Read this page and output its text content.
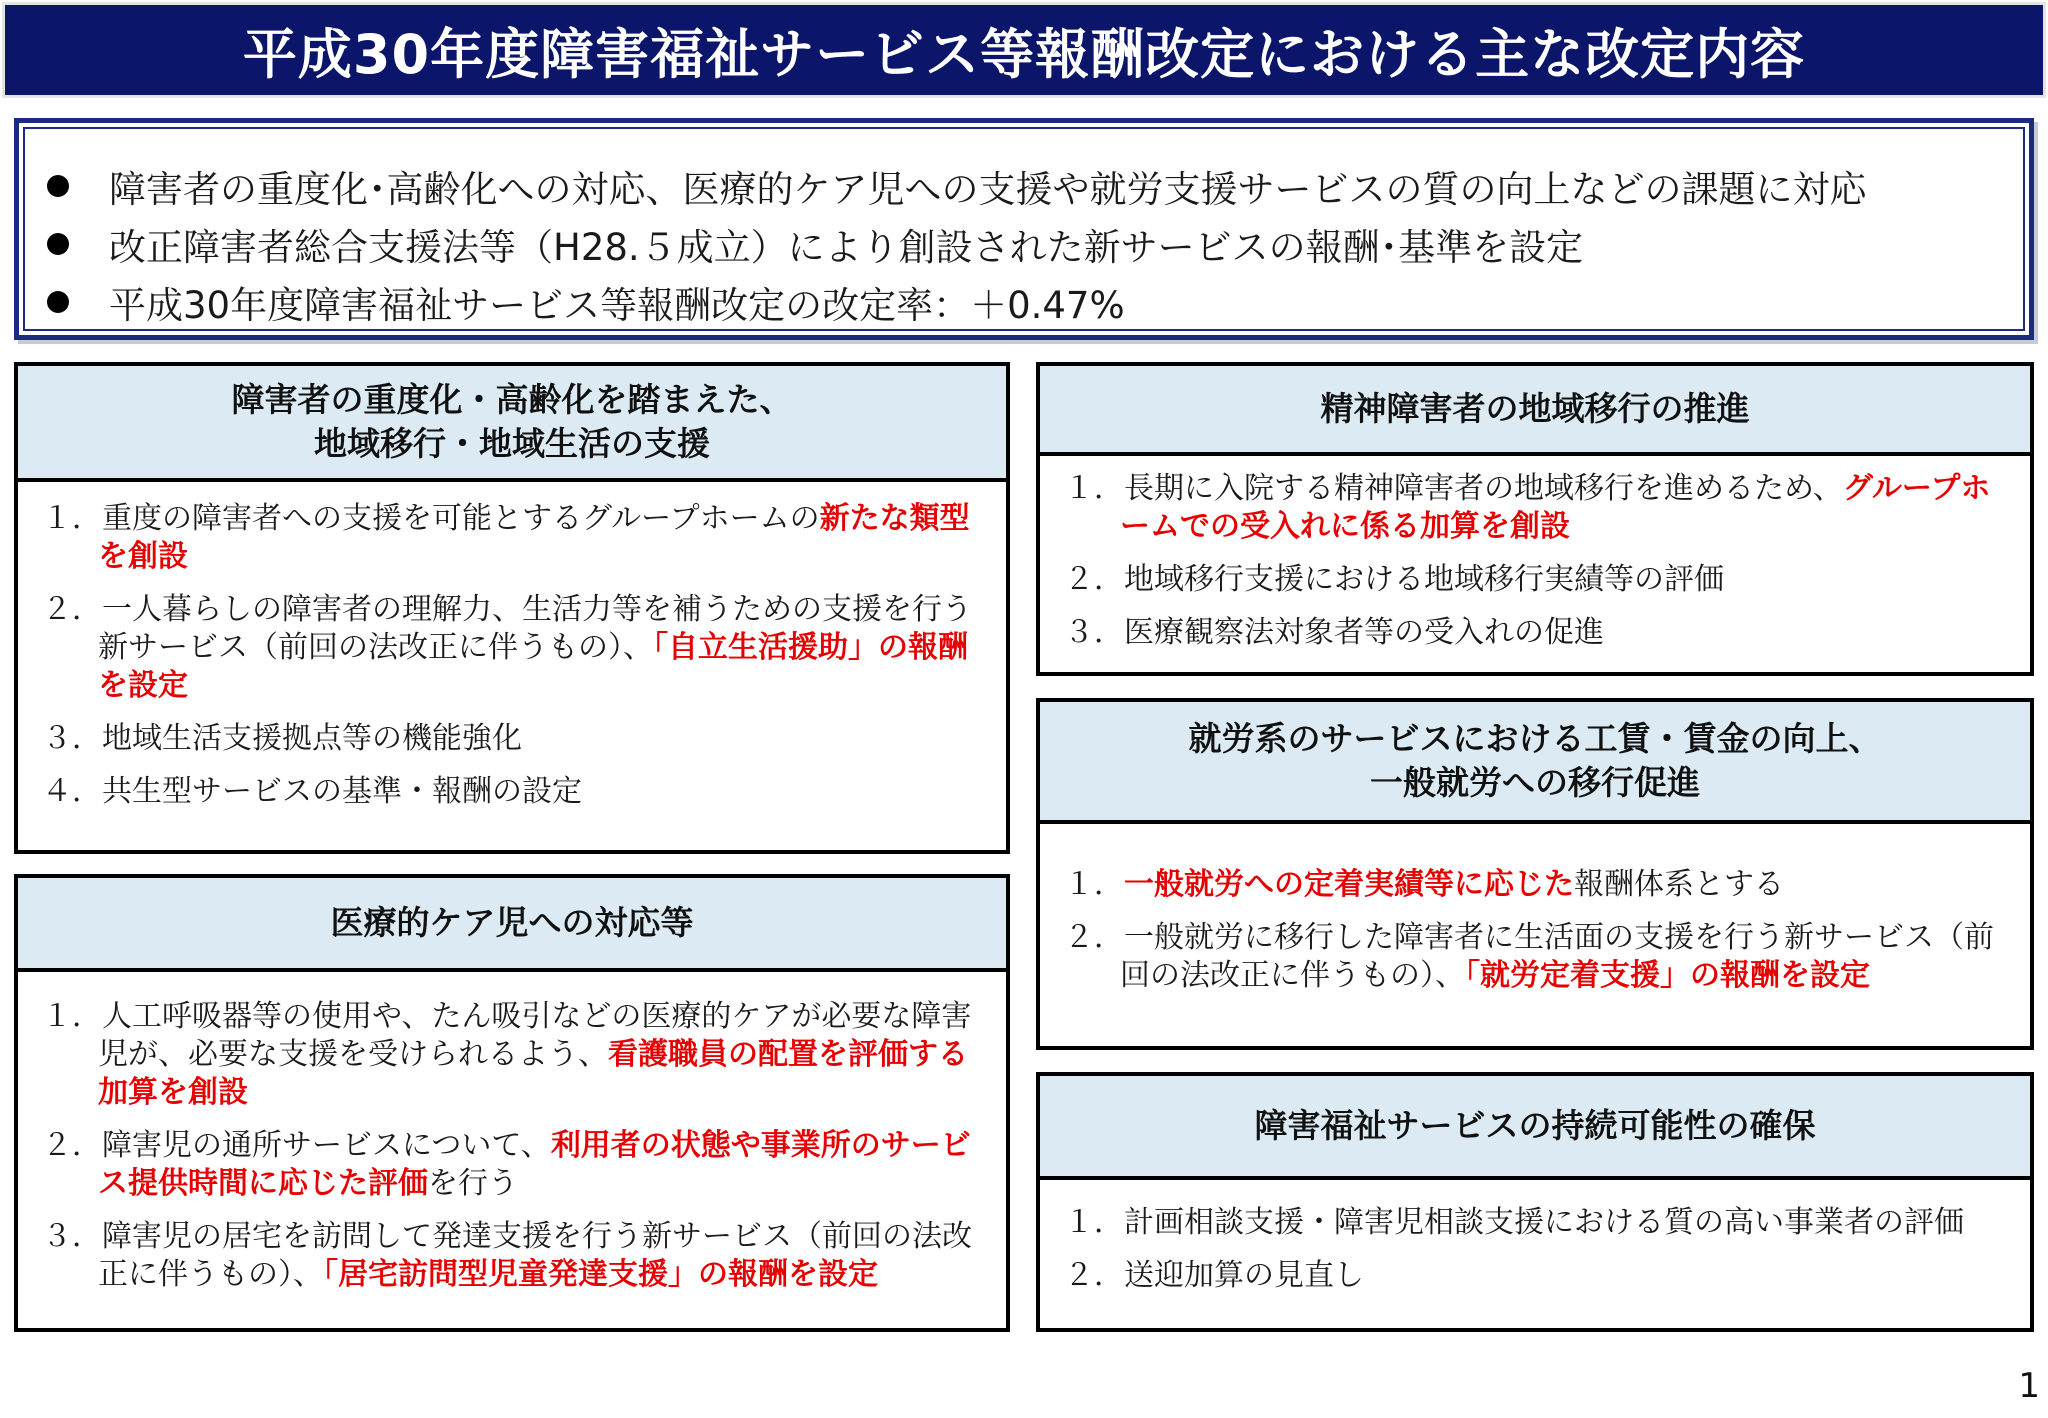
平成30年度障害福祉サービス等報酬改定における主な改定内容
障害者の重度化･高齢化への対応、医療的ケア児への支援や就労支援サービスの質の向上などの課題に対応
改正障害者総合支援法等（H28.５成立）により創設された新サービスの報酬･基準を設定
平成30年度障害福祉サービス等報酬改定の改定率：＋0.47%
障害者の重度化・高齢化を踏まえた、
地域移行・地域生活の支援
１．重度の障害者への支援を可能とするグループホームの新たな類型を創設
２．一人暮らしの障害者の理解力、生活力等を補うための支援を行う新サービス（前回の法改正に伴うもの）、「自立生活援助」の報酬を設定
３．地域生活支援拠点等の機能強化
４．共生型サービスの基準・報酬の設定
医療的ケア児への対応等
１．人工呼吸器等の使用や、たん吸引などの医療的ケアが必要な障害児が、必要な支援を受けられるよう、看護職員の配置を評価する加算を創設
２．障害児の通所サービスについて、利用者の状態や事業所のサービス提供時間に応じた評価を行う
３．障害児の居宅を訪問して発達支援を行う新サービス（前回の法改正に伴うもの）、「居宅訪問型児童発達支援」の報酬を設定
精神障害者の地域移行の推進
１．長期に入院する精神障害者の地域移行を進めるため、グループホームでの受入れに係る加算を創設
２．地域移行支援における地域移行実績等の評価
３．医療観察法対象者等の受入れの促進
就労系のサービスにおける工賃・賃金の向上、
一般就労への移行促進
１．一般就労への定着実績等に応じた報酬体系とする
２．一般就労に移行した障害者に生活面の支援を行う新サービス（前回の法改正に伴うもの）、「就労定着支援」の報酬を設定
障害福祉サービスの持続可能性の確保
１．計画相談支援・障害児相談支援における質の高い事業者の評価
２．送迎加算の見直し
1
